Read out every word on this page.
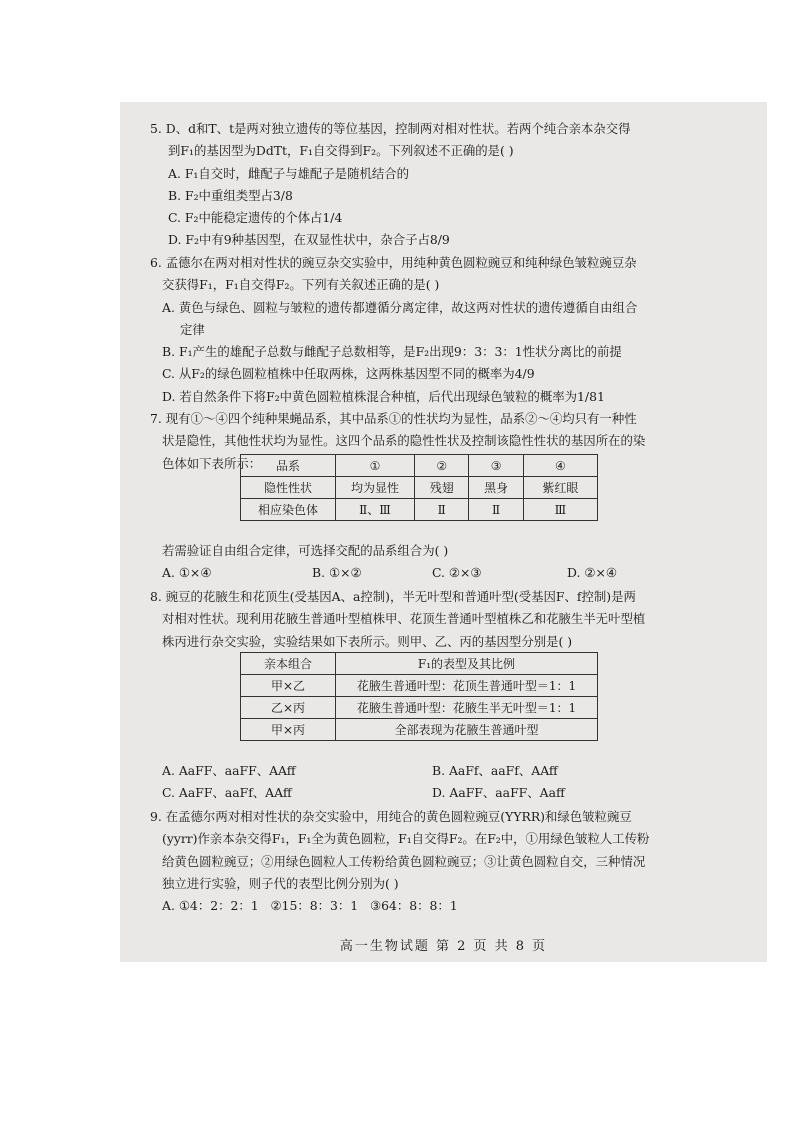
5. D、d和T、t是两对独立遗传的等位基因，控制两对相对性状。若两个纯合亲本杂交得
到F₁的基因型为DdTt，F₁自交得到F₂。下列叙述不正确的是( )
A. F₁自交时，雌配子与雄配子是随机结合的
B. F₂中重组类型占3/8
C. F₂中能稳定遗传的个体占1/4
D. F₂中有9种基因型，在双显性状中，杂合子占8/9
6. 孟德尔在两对相对性状的豌豆杂交实验中，用纯种黄色圆粒豌豆和纯种绿色皱粒豌豆杂
交获得F₁，F₁自交得F₂。下列有关叙述正确的是( )
A. 黄色与绿色、圆粒与皱粒的遗传都遵循分离定律，故这两对性状的遗传遵循自由组合
定律
B. F₁产生的雄配子总数与雌配子总数相等，是F₂出现9：3：3：1性状分离比的前提
C. 从F₂的绿色圆粒植株中任取两株，这两株基因型不同的概率为4/9
D. 若自然条件下将F₂中黄色圆粒植株混合种植，后代出现绿色皱粒的概率为1/81
7. 现有①～④四个纯种果蝇品系，其中品系①的性状均为显性，品系②～④均只有一种性
状是隐性，其他性状均为显性。这四个品系的隐性性状及控制该隐性性状的基因所在的染
色体如下表所示：	品系	①	②	③	④
隐性性状	均为显性	残翅	黑身	紫红眼
相应染色体	Ⅱ、Ⅲ	Ⅱ	Ⅱ	Ⅲ
若需验证自由组合定律，可选择交配的品系组合为( )
A. ①×④	B. ①×②	C. ②×③	D. ②×④
8. 豌豆的花腋生和花顶生(受基因A、a控制)，半无叶型和普通叶型(受基因F、f控制)是两
对相对性状。现利用花腋生普通叶型植株甲、花顶生普通叶型植株乙和花腋生半无叶型植
株丙进行杂交实验，实验结果如下表所示。则甲、乙、丙的基因型分别是( )
亲本组合	F₁的表型及其比例
甲×乙	花腋生普通叶型：花顶生普通叶型＝1：1
乙×丙	花腋生普通叶型：花腋生半无叶型＝1：1
甲×丙	全部表现为花腋生普通叶型
A. AaFF、aaFF、AAff	B. AaFf、aaFf、AAff
C. AaFF、aaFf、AAff	D. AaFF、aaFF、Aaff
9. 在孟德尔两对相对性状的杂交实验中，用纯合的黄色圆粒豌豆(YYRR)和绿色皱粒豌豆
(yyrr)作亲本杂交得F₁，F₁全为黄色圆粒，F₁自交得F₂。在F₂中，①用绿色皱粒人工传粉
给黄色圆粒豌豆；②用绿色圆粒人工传粉给黄色圆粒豌豆；③让黄色圆粒自交，三种情况
独立进行实验，则子代的表型比例分别为( )
A. ①4：2：2：1   ②15：8：3：1   ③64：8：8：1
高一生物试题 第 2 页 共 8 页
